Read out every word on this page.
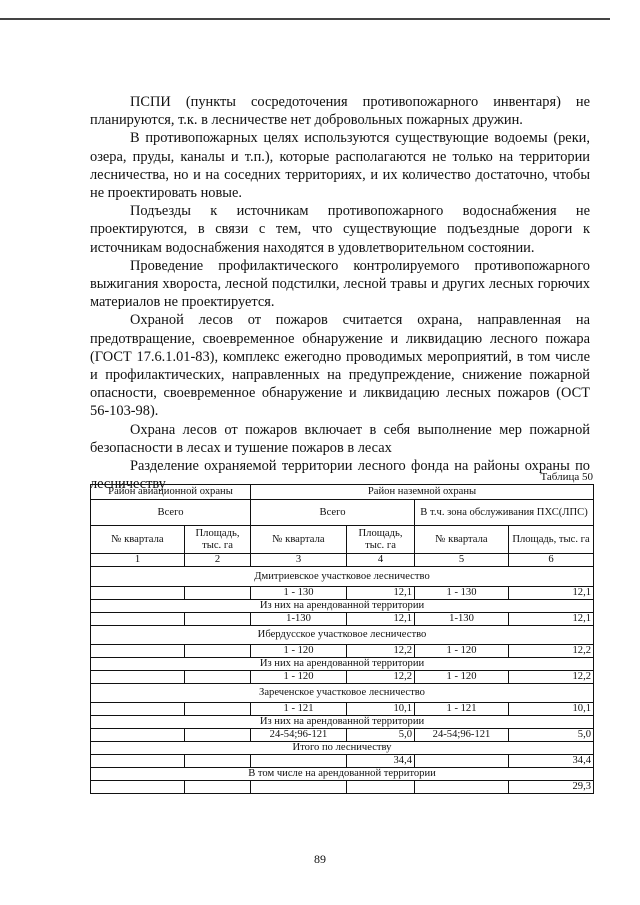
ПСПИ (пункты сосредоточения противопожарного инвентаря) не планируются, т.к. в лесничестве нет добровольных пожарных дружин.

В противопожарных целях используются существующие водоемы (реки, озера, пруды, каналы и т.п.), которые располагаются не только на территории лесничества, но и на соседних территориях, и их количество достаточно, чтобы не проектировать новые.

Подъезды к источникам противопожарного водоснабжения не проектируются, в связи с тем, что существующие подъездные дороги к источникам водоснабжения находятся в удовлетворительном состоянии.

Проведение профилактического контролируемого противопожарного выжигания хвороста, лесной подстилки, лесной травы и других лесных горючих материалов не проектируется.

Охраной лесов от пожаров считается охрана, направленная на предотвращение, своевременное обнаружение и ликвидацию лесного пожара (ГОСТ 17.6.1.01-83), комплекс ежегодно проводимых мероприятий, в том числе и профилактических, направленных на предупреждение, снижение пожарной опасности, своевременное обнаружение и ликвидацию лесных пожаров (ОСТ 56-103-98).

Охрана лесов от пожаров включает в себя выполнение мер пожарной безопасности в лесах и тушение пожаров в лесах

Разделение охраняемой территории лесного фонда на районы охраны по лесничеству	Таблица 50
Район авиационной охраны		Район наземной охраны			
Всего		Всего		В т.ч. зона обслуживания ПХС(ЛПС)	
№ квартала	Площадь, тыс. га	№ квартала	Площадь, тыс. га	№ квартала	Площадь, тыс. га
1	2	3	4	5	6
Дмитриевское участковое лесничество					
		1 - 130	12,1	1 - 130	12,1
Из них на арендованной территории					
		1-130	12,1	1-130	12,1
Ибердусское участковое лесничество					
		1 - 120	12,2	1 - 120	12,2
Из них на арендованной территории					
		1 - 120	12,2	1 - 120	12,2
Зареченское участковое лесничество					
		1 - 121	10,1	1 - 121	10,1
Из них на арендованной территории					
		24-54;96-121	5,0	24-54;96-121	5,0
Итого по лесничеству					
			34,4		34,4
В том числе на арендованной территории					
					29,3
89
